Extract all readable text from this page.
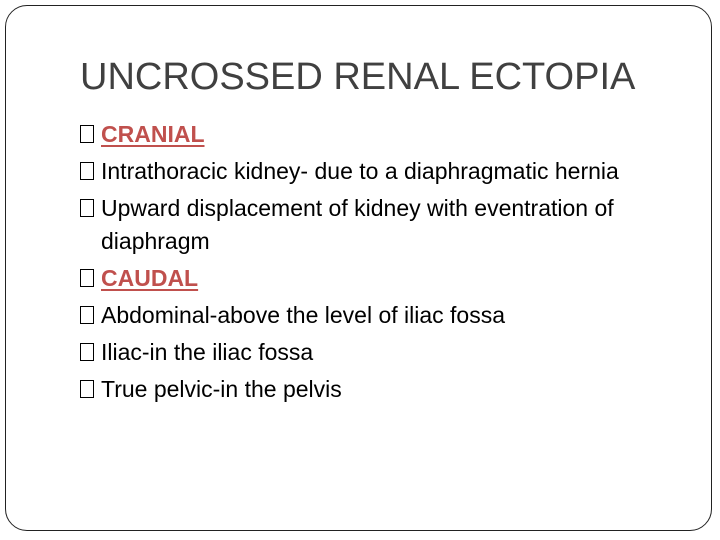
UNCROSSED RENAL ECTOPIA
CRANIAL
Intrathoracic kidney- due to a diaphragmatic hernia
Upward displacement of kidney with eventration of diaphragm
CAUDAL
Abdominal-above the level of iliac fossa
Iliac-in the iliac fossa
True pelvic-in the pelvis
